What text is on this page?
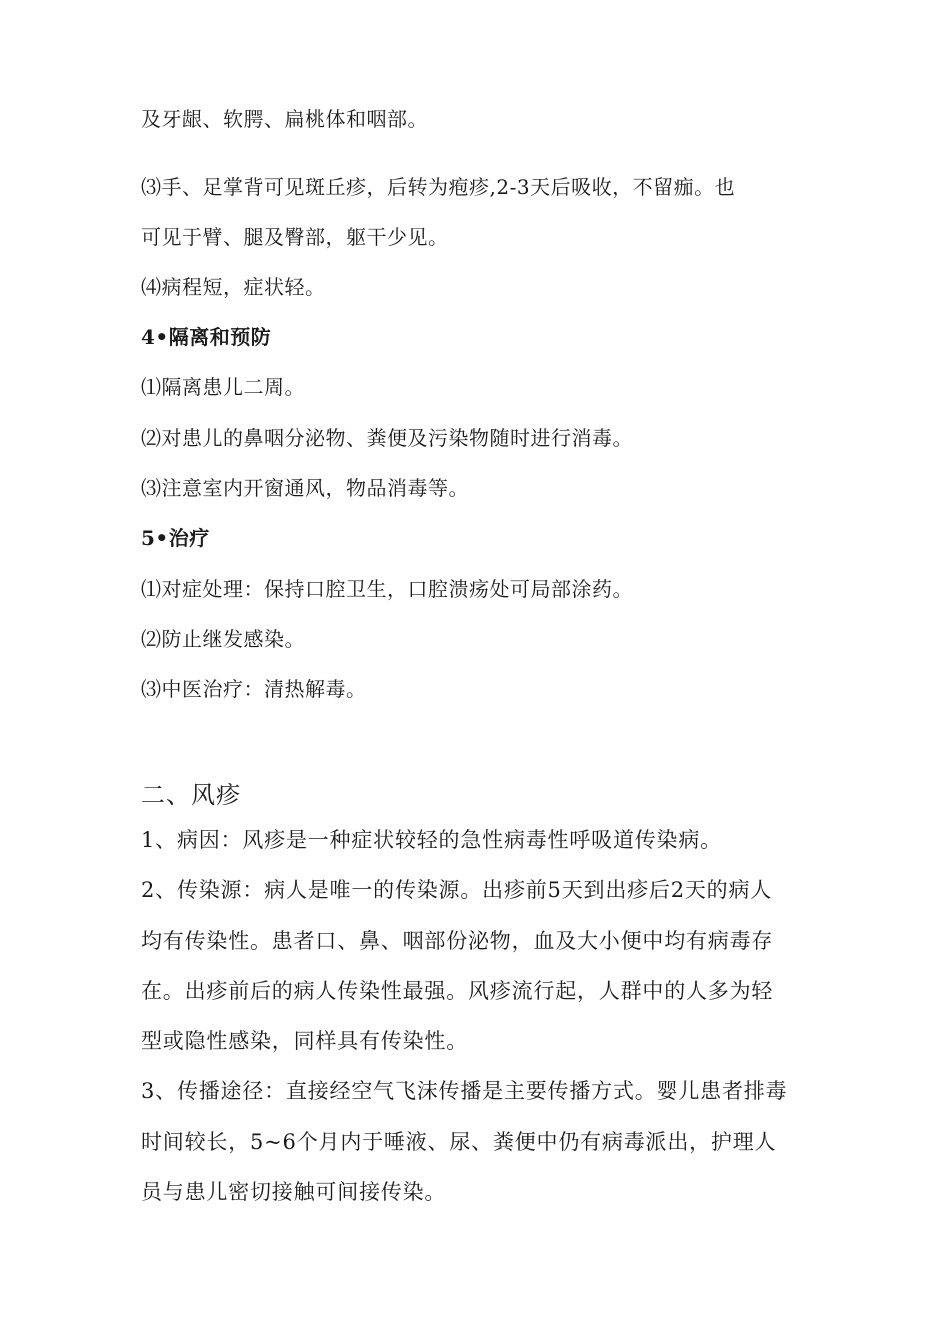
及牙龈、软腭、扁桃体和咽部。

⑶手、足掌背可见斑丘疹，后转为疱疹,2-3天后吸收，不留痂。也

可见于臂、腿及臀部，躯干少见。

⑷病程短，症状轻。

4•隔离和预防

⑴隔离患儿二周。

⑵对患儿的鼻咽分泌物、粪便及污染物随时进行消毒。

⑶注意室内开窗通风，物品消毒等。

5•治疗

⑴对症处理：保持口腔卫生，口腔溃疡处可局部涂药。

⑵防止继发感染。

⑶中医治疗：清热解毒。

二、风疹

1、病因：风疹是一种症状较轻的急性病毒性呼吸道传染病。

2、传染源：病人是唯一的传染源。出疹前5天到出疹后2天的病人

均有传染性。患者口、鼻、咽部份泌物，血及大小便中均有病毒存

在。出疹前后的病人传染性最强。风疹流行起，人群中的人多为轻

型或隐性感染，同样具有传染性。

3、传播途径：直接经空气飞沫传播是主要传播方式。婴儿患者排毒

时间较长，5~6个月内于唾液、尿、粪便中仍有病毒派出，护理人

员与患儿密切接触可间接传染。
